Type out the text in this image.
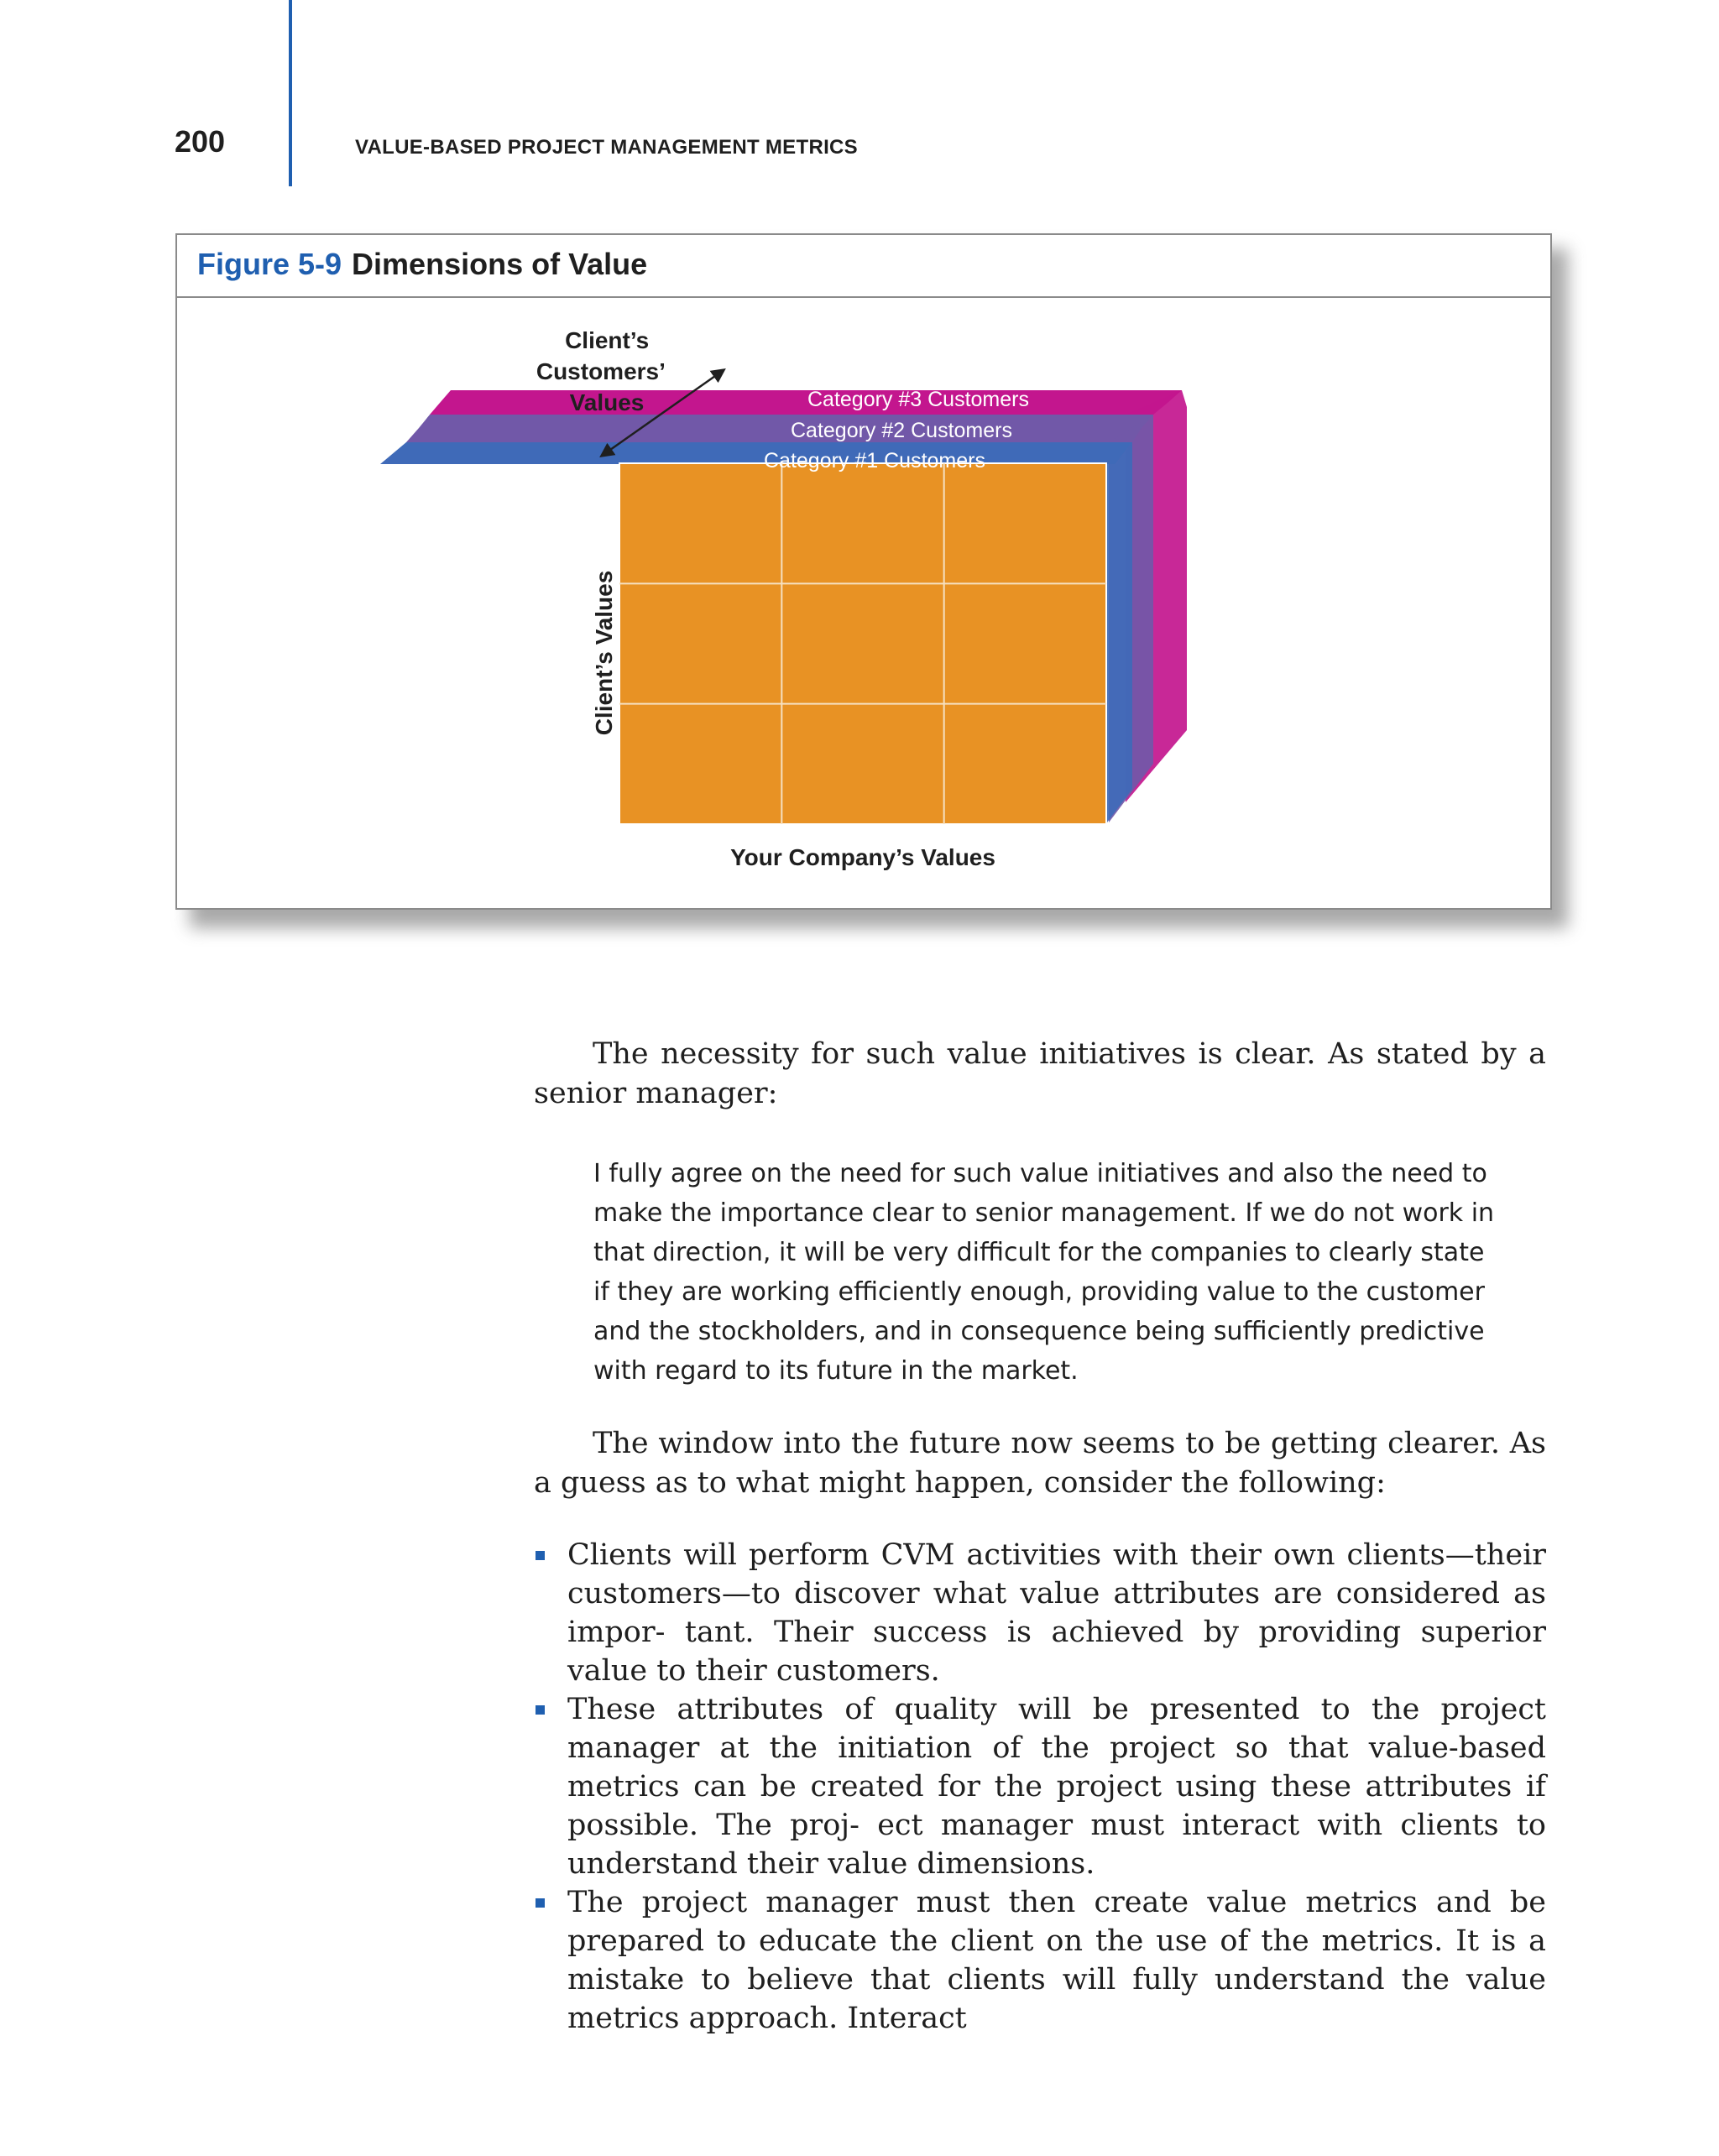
200	VALUE-BASED PROJECT MANAGEMENT METRICS
Figure 5-9 Dimensions of Value
Category #3 Customers
Category #2 Customers
Category #1 Customers
Client’s Customers’ Values
Client’s Values
Your Company’s Values
The necessity for such value initiatives is clear. As stated by a senior manager:
I fully agree on the need for such value initiatives and also the need to make the importance clear to senior management. If we do not work in that direction, it will be very difficult for the companies to clearly state if they are working efficiently enough, providing value to the customer and the stockholders, and in consequence being sufficiently predictive with regard to its future in the market.
The window into the future now seems to be getting clearer. As a guess as to what might happen, consider the following:
Clients will perform CVM activities with their own clients—their customers—to discover what value attributes are considered as impor- tant. Their success is achieved by providing superior value to their customers.
These attributes of quality will be presented to the project manager at the initiation of the project so that value-based metrics can be created for the project using these attributes if possible. The proj- ect manager must interact with clients to understand their value dimensions.
The project manager must then create value metrics and be prepared to educate the client on the use of the metrics. It is a mistake to believe that clients will fully understand the value metrics approach. Interact
